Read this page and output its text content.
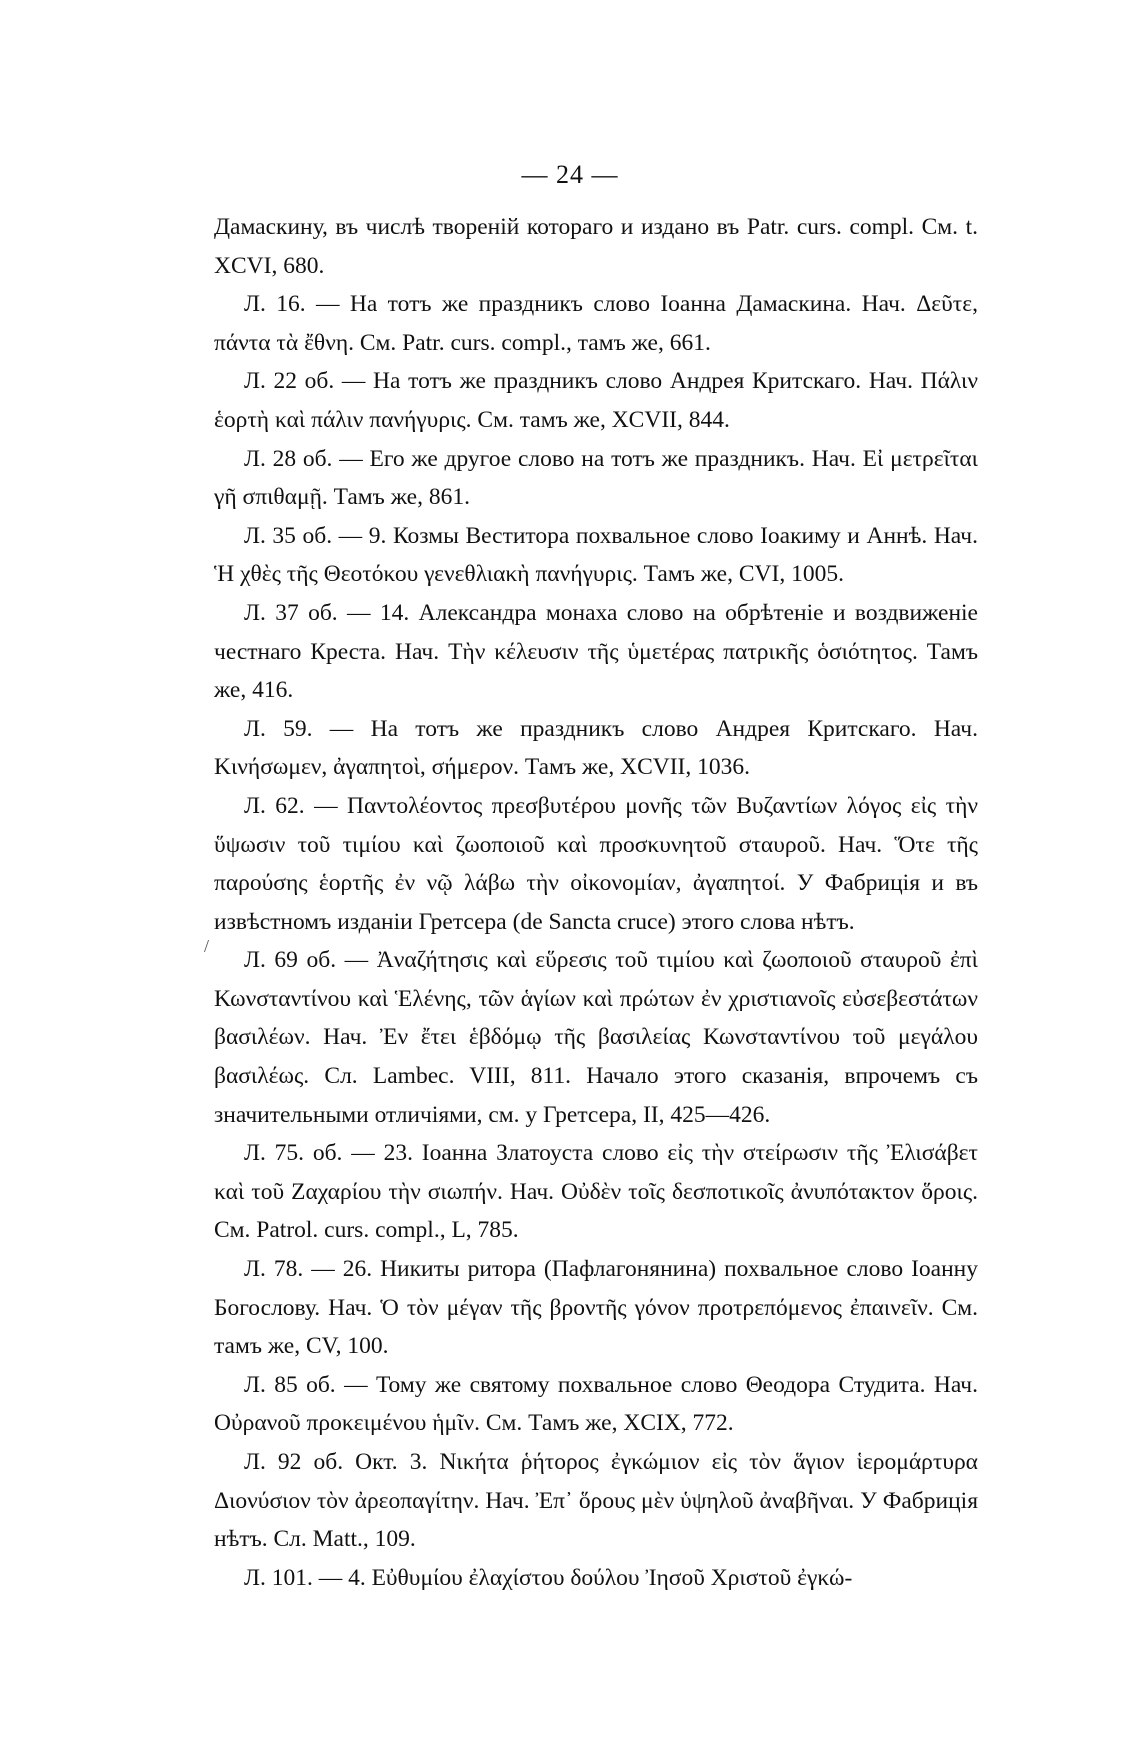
— 24 —
/

Дамаскину, въ числѣ твореній котораго и издано въ Patr. curs. compl. См. t. XCVI, 680.

Л. 16. — На тотъ же праздникъ слово Іоанна Дамаскина. Нач. Δεῦτε, πάντα τὰ ἔθνη. См. Patr. curs. compl., тамъ же, 661.

Л. 22 об. — На тотъ же праздникъ слово Андрея Критскаго. Нач. Πάλιν ἑορτὴ καὶ πάλιν πανήγυρις. См. тамъ же, XCVII, 844.

Л. 28 об. — Его же другое слово на тотъ же праздникъ. Нач. Εἰ μετρεῖται γῆ σπιθαμῇ. Тамъ же, 861.

Л. 35 об. — 9. Козмы Веститора похвальное слово Іоакиму и Аннѣ. Нач. Ἡ χθὲς τῆς Θεοτόκου γενεθλιακὴ πανήγυρις. Тамъ же, CVI, 1005.

Л. 37 об. — 14. Александра монаха слово на обрѣтеніе и воздвиженіе честнаго Креста. Нач. Τὴν κέλευσιν τῆς ὑμετέρας πατρικῆς ὁσιότητος. Тамъ же, 416.

Л. 59. — На тотъ же праздникъ слово Андрея Критскаго. Нач. Κινήσωμεν, ἀγαπητοὶ, σήμερον. Тамъ же, XCVII, 1036.

Л. 62. — Παντολέοντος πρεσβυτέρου μονῆς τῶν Βυζαντίων λόγος εἰς τὴν ὕψωσιν τοῦ τιμίου καὶ ζωοποιοῦ καὶ προσκυνητοῦ σταυροῦ. Нач. Ὅτε τῆς παρούσης ἑορτῆς ἐν νῷ λάβω τὴν οἰκονομίαν, ἀγαπητοί. У Фабриція и въ извѣстномъ изданіи Гретсера (de Sancta cruce) этого слова нѣтъ.

Л. 69 об. — Ἀναζήτησις καὶ εὕρεσις τοῦ τιμίου καὶ ζωοποιοῦ σταυροῦ ἐπὶ Κωνσταντίνου καὶ Ἑλένης, τῶν ἁγίων καὶ πρώτων ἐν χριστιανοῖς εὐσεβεστάτων βασιλέων. Нач. Ἐν ἔτει ἑβδόμῳ τῆς βασιλείας Κωνσταντίνου τοῦ μεγάλου βασιλέως. Сл. Lambec. VIII, 811. Начало этого сказанія, впрочемъ съ значительными отличіями, см. у Гретсера, II, 425—426.

Л. 75. об. — 23. Іоанна Златоуста слово εἰς τὴν στείρωσιν τῆς Ἐλισάβετ καὶ τοῦ Ζαχαρίου τὴν σιωπήν. Нач. Οὐδὲν τοῖς δεσποτικοῖς ἀνυπότακτον ὅροις. См. Patrol. curs. compl., L, 785.

Л. 78. — 26. Никиты ритора (Пафлагонянина) похвальное слово Іоанну Богослову. Нач. Ὁ τὸν μέγαν τῆς βροντῆς γόνον προτρεπόμενος ἐπαινεῖν. См. тамъ же, CV, 100.

Л. 85 об. — Тому же святому похвальное слово Θеодора Студита. Нач. Οὐρανοῦ προκειμένου ἡμῖν. См. Тамъ же, XCIX, 772.

Л. 92 об. Окт. 3. Νικήτα ῥήτορος ἐγκώμιον εἰς τὸν ἅγιον ἱερομάρτυρα Διονύσιον τὸν ἀρεοπαγίτην. Нач. Ἐπ᾽ ὅρους μὲν ὑψηλοῦ ἀναβῆναι. У Фабриція нѣтъ. Сл. Matt., 109.

Л. 101. — 4. Εὐθυμίου ἐλαχίστου δούλου Ἰησοῦ Χριστοῦ ἐγκώ-
